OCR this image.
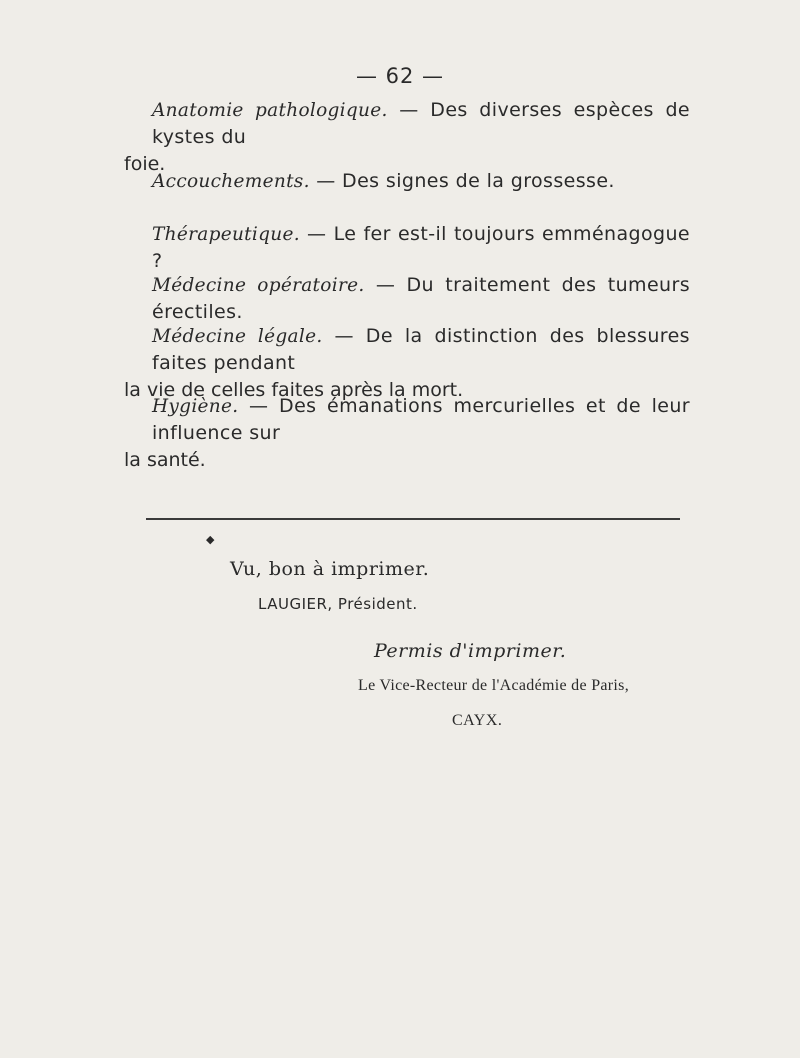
— 62 —
Anatomie pathologique. — Des diverses espèces de kystes du
foie.
Accouchements. — Des signes de la grossesse.
Thérapeutique. — Le fer est-il toujours emménagogue ?
Médecine opératoire. — Du traitement des tumeurs érectiles.
Médecine légale. — De la distinction des blessures faites pendant
la vie de celles faites après la mort.
Hygiène. — Des émanations mercurielles et de leur influence sur
la santé.
◆
Vu, bon à imprimer.
LAUGIER, Président.
Permis d'imprimer.
Le Vice-Recteur de l'Académie de Paris,
CAYX.
